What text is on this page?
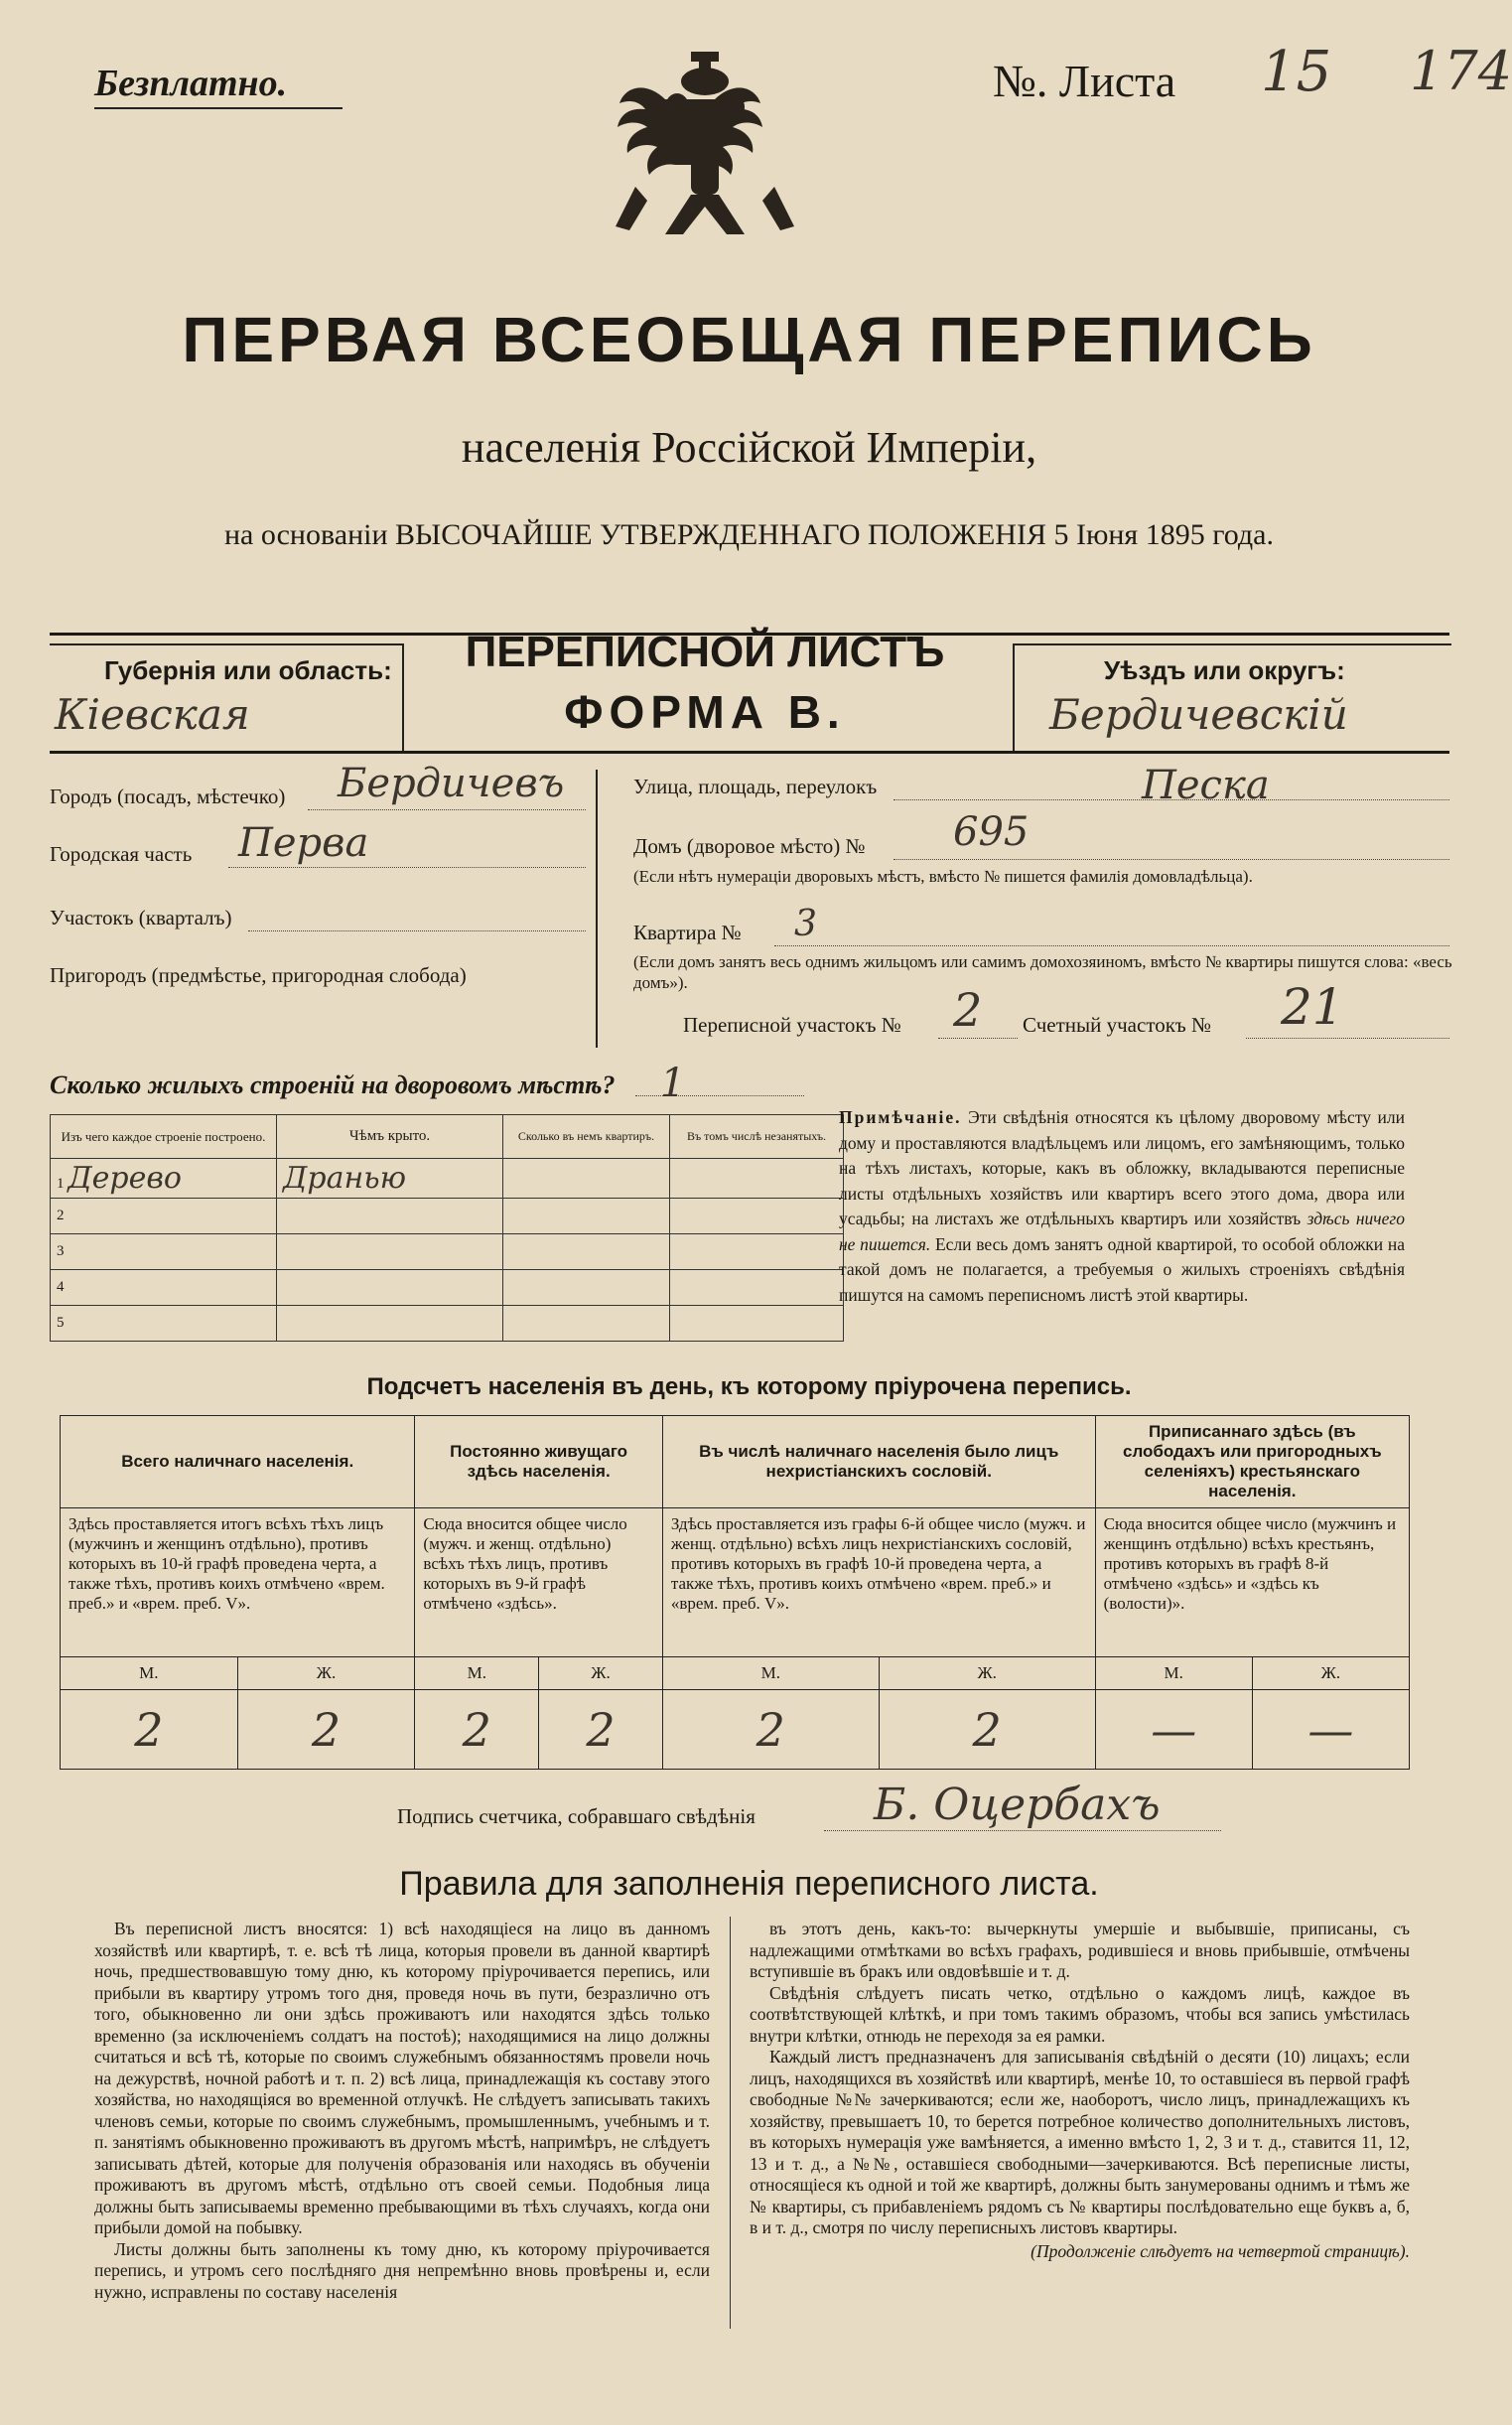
Безплатно.	№. Листа 15 174
ПЕРВАЯ ВСЕОБЩАЯ ПЕРЕПИСЬ
населенія Россійской Имперіи,
на основаніи ВЫСОЧАЙШЕ УТВЕРЖДЕННАГО ПОЛОЖЕНІЯ 5 Іюня 1895 года.
Губернія или область:
Кіевская
ПЕРЕПИСНОЙ ЛИСТЪ
ФОРМА В.
Уѣздъ или округъ:
Бердичевскій
Городъ (посадъ, мѣстечко) Бердичевъ
Городская часть Перва
Участокъ (кварталъ)
Пригородъ (предмѣстье, пригородная слобода)
Улица, площадь, переулокъ	Песка
Домъ (дворовое мѣсто) № 695
(Если нѣтъ нумераціи дворовыхъ мѣстъ, вмѣсто № пишется фамилія домовладѣльца).
Квартира № 3
(Если домъ занятъ весь однимъ жильцомъ или самимъ домохозяиномъ, вмѣсто № квартиры пишутся слова: «весь домъ»).
Переписной участокъ № 2 Счетный участокъ № 21
Сколько жилыхъ строеній на дворовомъ мѣстѣ? 1
Изъ чего каждое строеніе построено.	Чѣмъ крыто.	Сколько въ немъ квартиръ.	Въ томъ числѣ незанятыхъ.
1 Дерево	Дранью		
2			
3			
4			
5			
Примѣчаніе. Эти свѣдѣнія относятся къ цѣлому дворовому мѣсту или дому и проставляются владѣльцемъ или лицомъ, его замѣняющимъ, только на тѣхъ листахъ, которые, какъ въ обложку, вкладываются переписные листы отдѣльныхъ хозяйствъ или квартиръ всего этого дома, двора или усадьбы; на листахъ же отдѣльныхъ квартиръ или хозяйствъ здѣсь ничего не пишется. Если весь домъ занятъ одной квартирой, то особой обложки на такой домъ не полагается, а требуемыя о жилыхъ строеніяхъ свѣдѣнія пишутся на самомъ переписномъ листѣ этой квартиры.
Подсчетъ населенія въ день, къ которому пріурочена перепись.
Всего наличнаго населенія.		Постоянно живущаго здѣсь населенія.		Въ числѣ наличнаго населенія было лицъ нехристіанскихъ сословій.		Приписаннаго здѣсь (въ слободахъ или пригородныхъ селеніяхъ) крестьянскаго населенія.	
Здѣсь проставляется итогъ всѣхъ тѣхъ лицъ (мужчинъ и женщинъ отдѣльно), противъ которыхъ въ 10-й графѣ проведена черта, а также тѣхъ, противъ коихъ отмѣчено «врем. преб.» и «врем. преб. V».		Сюда вносится общее число (мужч. и женщ. отдѣльно) всѣхъ тѣхъ лицъ, противъ которыхъ въ 9-й графѣ отмѣчено «здѣсь».		Здѣсь проставляется изъ графы 6-й общее число (мужч. и женщ. отдѣльно) всѣхъ лицъ нехристіанскихъ сословій, противъ которыхъ въ графѣ 10-й проведена черта, а также тѣхъ, противъ коихъ отмѣчено «врем. преб.» и «врем. преб. V».		Сюда вносится общее число (мужчинъ и женщинъ отдѣльно) всѣхъ крестьянъ, противъ которыхъ въ графѣ 8-й отмѣчено «здѣсь» и «здѣсь къ (волости)».	
М.	Ж.	М.	Ж.	М.	Ж.	М.	Ж.
2	2	2	2	2	2	—	—
Подпись счетчика, собравшаго свѣдѣнія	Б. Оцербахъ
Правила для заполненія переписного листа.

Въ переписной листъ вносятся: 1) всѣ находящіеся на лицо въ данномъ хозяйствѣ или квартирѣ, т. е. всѣ тѣ лица, которыя провели въ данной квартирѣ ночь, предшествовавшую тому дню, къ которому пріурочивается перепись, или прибыли въ квартиру утромъ того дня, проведя ночь въ пути, безразлично отъ того, обыкновенно ли они здѣсь проживаютъ или находятся здѣсь только временно (за исключеніемъ солдатъ на постоѣ); находящимися на лицо должны считаться и всѣ тѣ, которые по своимъ служебнымъ обязанностямъ провели ночь на дежурствѣ, ночной работѣ и т. п. 2) всѣ лица, принадлежащія къ составу этого хозяйства, но находящіяся во временной отлучкѣ. Не слѣдуетъ записывать такихъ членовъ семьи, которые по своимъ служебнымъ, промышленнымъ, учебнымъ и т. п. занятіямъ обыкновенно проживаютъ въ другомъ мѣстѣ, напримѣръ, не слѣдуетъ записывать дѣтей, которые для полученія образованія или находясь въ обученіи проживаютъ въ другомъ мѣстѣ, отдѣльно отъ своей семьи. Подобныя лица должны быть записываемы временно пребывающими въ тѣхъ случаяхъ, когда они прибыли домой на побывку.

Листы должны быть заполнены къ тому дню, къ которому пріурочивается перепись, и утромъ сего послѣдняго дня непремѣнно вновь провѣрены и, если нужно, исправлены по составу населенія

въ этотъ день, какъ-то: вычеркнуты умершіе и выбывшіе, приписаны, съ надлежащими отмѣтками во всѣхъ графахъ, родившіеся и вновь прибывшіе, отмѣчены вступившіе въ бракъ или овдовѣвшіе и т. д.

Свѣдѣнія слѣдуетъ писать четко, отдѣльно о каждомъ лицѣ, каждое въ соотвѣтствующей клѣткѣ, и при томъ такимъ образомъ, чтобы вся запись умѣстилась внутри клѣтки, отнюдь не переходя за ея рамки.

Каждый листъ предназначенъ для записыванія свѣдѣній о десяти (10) лицахъ; если лицъ, находящихся въ хозяйствѣ или квартирѣ, менѣе 10, то оставшіеся въ первой графѣ свободные №№ зачеркиваются; если же, наоборотъ, число лицъ, принадлежащихъ къ хозяйству, превышаетъ 10, то берется потребное количество дополнительныхъ листовъ, въ которыхъ нумерація уже вамѣняется, а именно вмѣсто 1, 2, 3 и т. д., ставится 11, 12, 13 и т. д., а №№, оставшіеся свободными—зачеркиваются. Всѣ переписные листы, относящіеся къ одной и той же квартирѣ, должны быть занумерованы однимъ и тѣмъ же № квартиры, съ прибавленіемъ рядомъ съ № квартиры послѣдовательно еще буквъ а, б, в и т. д., смотря по числу переписныхъ листовъ квартиры.

(Продолженіе слѣдуетъ на четвертой страницѣ).
